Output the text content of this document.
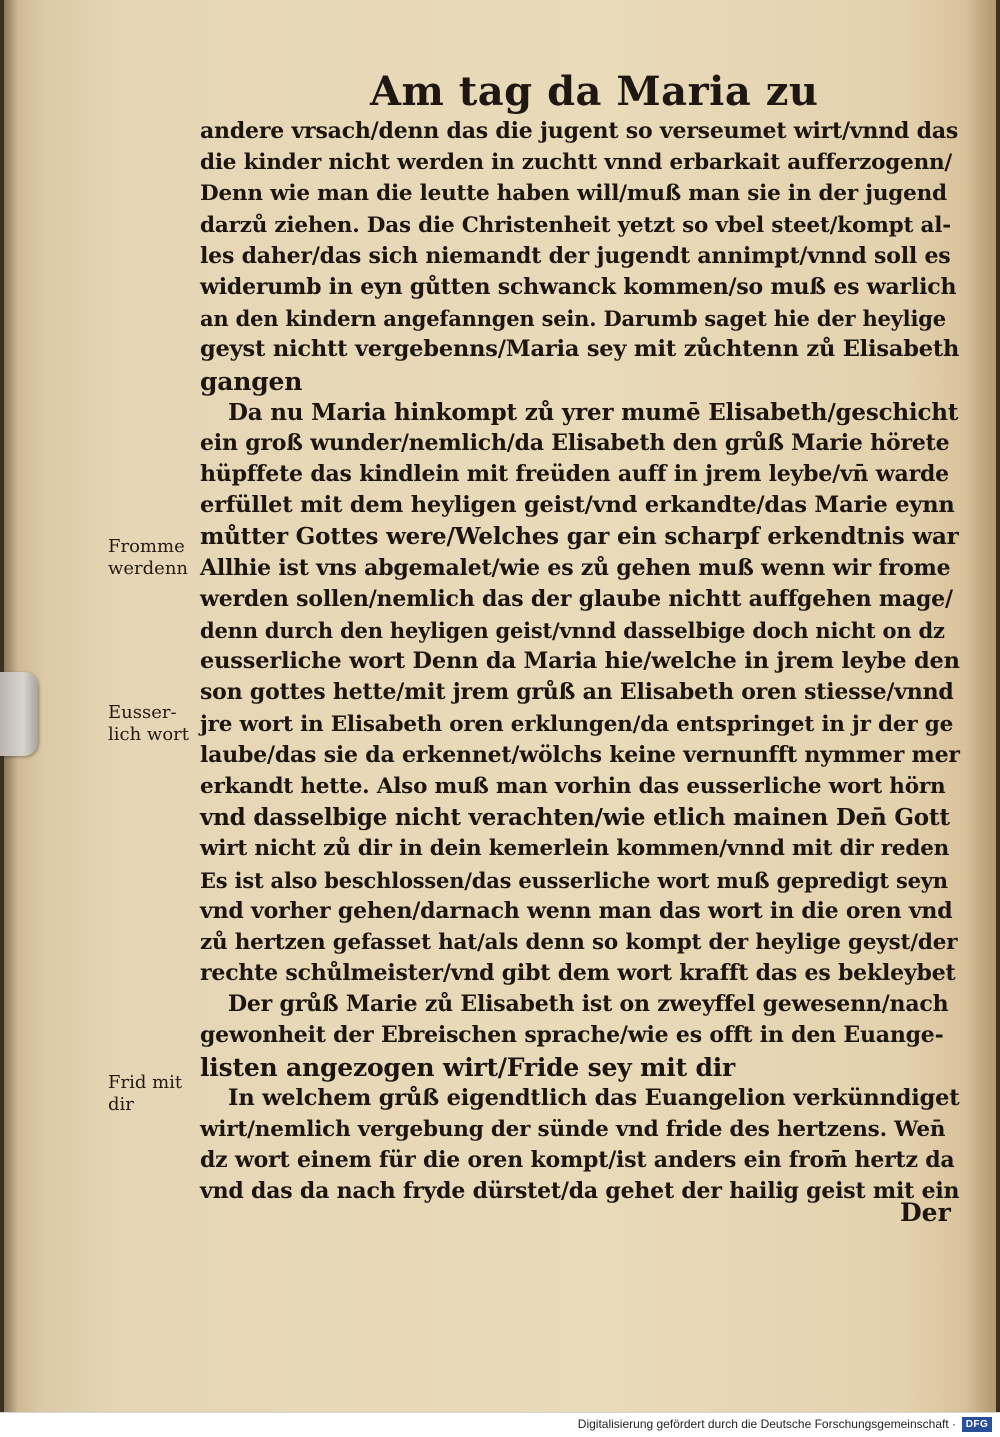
Am tag da Maria zu
andere vrsach/denn das die jugent so verseumet wirt/vnnd das
die kinder nicht werden in zuchtt vnnd erbarkait aufferzogenn/
Denn wie man die leutte haben will/muß man sie in der jugend
darzů ziehen. Das die Christenheit yetzt so vbel steet/kompt al-
les daher/das sich niemandt der jugendt annimpt/vnnd soll es
widerumb in eyn gůtten schwanck kommen/so muß es warlich
an den kindern angefanngen sein. Darumb saget hie der heylige
geyst nichtt vergebenns/Maria sey mit zůchtenn zů Elisabeth
gangen
Da nu Maria hinkompt zů yrer mumē Elisabeth/geschicht
ein groß wunder/nemlich/da Elisabeth den grůß Marie hörete
hüpffete das kindlein mit freüden auff in jrem leybe/vn̄ warde
erfüllet mit dem heyligen geist/vnd erkandte/das Marie eynn
můtter Gottes were/Welches gar ein scharpf erkendtnis war
Allhie ist vns abgemalet/wie es zů gehen muß wenn wir frome
werden sollen/nemlich das der glaube nichtt auffgehen mage/
denn durch den heyligen geist/vnnd dasselbige doch nicht on dz
eusserliche wort Denn da Maria hie/welche in jrem leybe den
son gottes hette/mit jrem grůß an Elisabeth oren stiesse/vnnd
jre wort in Elisabeth oren erklungen/da entspringet in jr der ge
laube/das sie da erkennet/wölchs keine vernunfft nymmer mer
erkandt hette. Also muß man vorhin das eusserliche wort hörn
vnd dasselbige nicht verachten/wie etlich mainen Den̄ Gott
wirt nicht zů dir in dein kemerlein kommen/vnnd mit dir reden
Es ist also beschlossen/das eusserliche wort muß gepredigt seyn
vnd vorher gehen/darnach wenn man das wort in die oren vnd
zů hertzen gefasset hat/als denn so kompt der heylige geyst/der
rechte schůlmeister/vnd gibt dem wort krafft das es bekleybet
Der grůß Marie zů Elisabeth ist on zweyffel gewesenn/nach
gewonheit der Ebreischen sprache/wie es offt in den Euange-
listen angezogen wirt/Fride sey mit dir
In welchem grůß eigendtlich das Euangelion verkünndiget
wirt/nemlich vergebung der sünde vnd fride des hertzens. Wen̄
dz wort einem für die oren kompt/ist anders ein from̄ hertz da
vnd das da nach fryde dürstet/da gehet der hailig geist mit ein
Fromme
werdenn
Eusser-
lich wort
Frid mit
dir
Der
Digitalisierung gefördert durch die Deutsche Forschungsgemeinschaft · DFG
